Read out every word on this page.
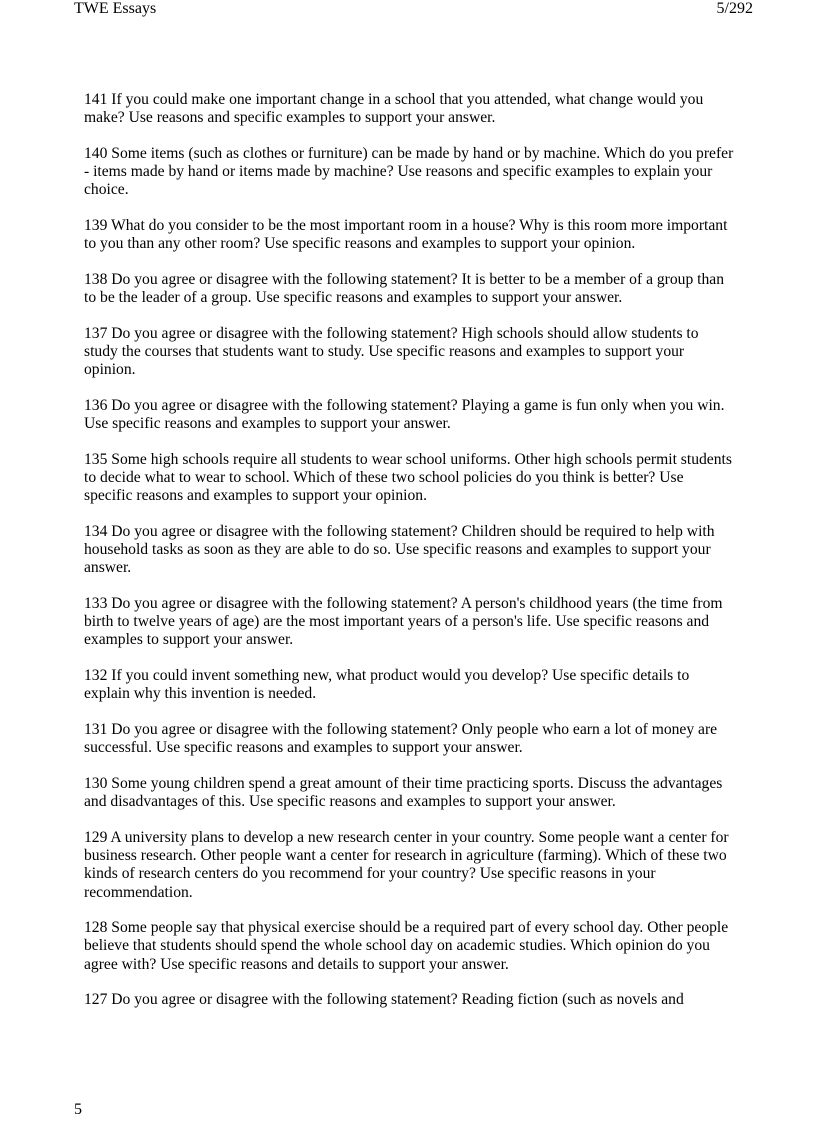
TWE Essays	5/292

141 If you could make one important change in a school that you attended, what change would you make? Use reasons and specific examples to support your answer.

140 Some items (such as clothes or furniture) can be made by hand or by machine. Which do you prefer - items made by hand or items made by machine? Use reasons and specific examples to explain your choice.

139 What do you consider to be the most important room in a house? Why is this room more important to you than any other room? Use specific reasons and examples to support your opinion.

138 Do you agree or disagree with the following statement? It is better to be a member of a group than to be the leader of a group. Use specific reasons and examples to support your answer.

137 Do you agree or disagree with the following statement? High schools should allow students to study the courses that students want to study. Use specific reasons and examples to support your opinion.

136 Do you agree or disagree with the following statement? Playing a game is fun only when you win. Use specific reasons and examples to support your answer.

135 Some high schools require all students to wear school uniforms. Other high schools permit students to decide what to wear to school. Which of these two school policies do you think is better? Use specific reasons and examples to support your opinion.

134 Do you agree or disagree with the following statement? Children should be required to help with household tasks as soon as they are able to do so. Use specific reasons and examples to support your answer.

133 Do you agree or disagree with the following statement? A person's childhood years (the time from birth to twelve years of age) are the most important years of a person's life. Use specific reasons and examples to support your answer.

132 If you could invent something new, what product would you develop? Use specific details to explain why this invention is needed.

131 Do you agree or disagree with the following statement? Only people who earn a lot of money are successful. Use specific reasons and examples to support your answer.

130 Some young children spend a great amount of their time practicing sports. Discuss the advantages and disadvantages of this. Use specific reasons and examples to support your answer.

129 A university plans to develop a new research center in your country. Some people want a center for business research. Other people want a center for research in agriculture (farming). Which of these two kinds of research centers do you recommend for your country? Use specific reasons in your recommendation.

128 Some people say that physical exercise should be a required part of every school day. Other people believe that students should spend the whole school day on academic studies. Which opinion do you agree with? Use specific reasons and details to support your answer.

127 Do you agree or disagree with the following statement? Reading fiction (such as novels and

5
